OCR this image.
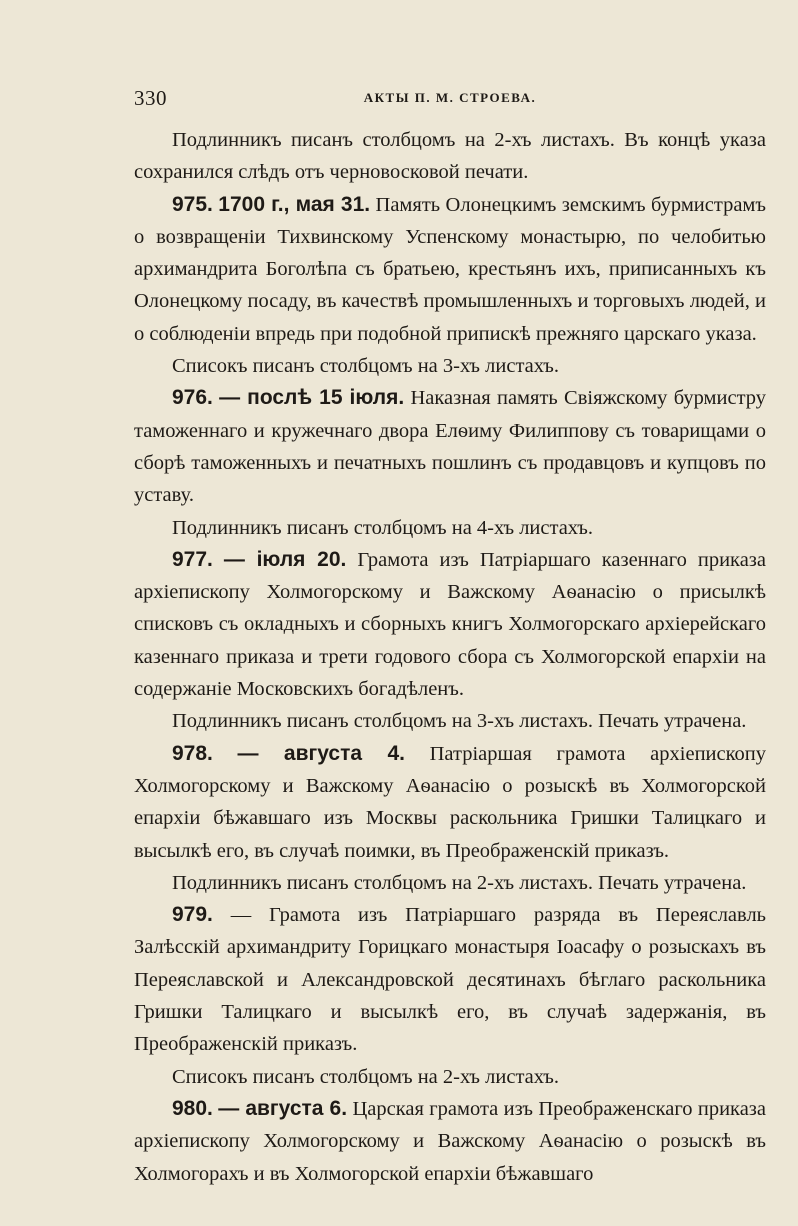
330	АКТЫ П. М. СТРОЕВА.

Подлинникъ писанъ столбцомъ на 2-хъ листахъ. Въ концѣ указа сохранился слѣдъ отъ черновосковой печати.

975. 1700 г., мая 31. Память Олонецкимъ земскимъ бурмистрамъ о возвращеніи Тихвинскому Успенскому монастырю, по челобитью архимандрита Боголѣпа съ братьею, крестьянъ ихъ, приписанныхъ къ Олонецкому посаду, въ качествѣ промышленныхъ и торговыхъ людей, и о соблюденіи впредь при подобной припискѣ прежняго царскаго указа.

Списокъ писанъ столбцомъ на 3-хъ листахъ.

976. — послѣ 15 іюля. Наказная память Свіяжскому бурмистру таможеннаго и кружечнаго двора Елѳиму Филиппову съ товарищами о сборѣ таможенныхъ и печатныхъ пошлинъ съ продавцовъ и купцовъ по уставу.

Подлинникъ писанъ столбцомъ на 4-хъ листахъ.

977. — іюля 20. Грамота изъ Патріаршаго казеннаго приказа архіепископу Холмогорскому и Важскому Аѳанасію о присылкѣ списковъ съ окладныхъ и сборныхъ книгъ Холмогорскаго архіерейскаго казеннаго приказа и трети годового сбора съ Холмогорской епархіи на содержаніе Московскихъ богадѣленъ.

Подлинникъ писанъ столбцомъ на 3-хъ листахъ. Печать утрачена.

978. — августа 4. Патріаршая грамота архіепископу Холмогорскому и Важскому Аѳанасію о розыскѣ въ Холмогорской епархіи бѣжавшаго изъ Москвы раскольника Гришки Талицкаго и высылкѣ его, въ случаѣ поимки, въ Преображенскій приказъ.

Подлинникъ писанъ столбцомъ на 2-хъ листахъ. Печать утрачена.

979. — Грамота изъ Патріаршаго разряда въ Переяславль Залѣсскій архимандриту Горицкаго монастыря Іоасафу о розыскахъ въ Переяславской и Александровской десятинахъ бѣглаго раскольника Гришки Талицкаго и высылкѣ его, въ случаѣ задержанія, въ Преображенскій приказъ.

Списокъ писанъ столбцомъ на 2-хъ листахъ.

980. — августа 6. Царская грамота изъ Преображенскаго приказа архіепископу Холмогорскому и Важскому Аѳанасію о розыскѣ въ Холмогорахъ и въ Холмогорской епархіи бѣжавшаго
